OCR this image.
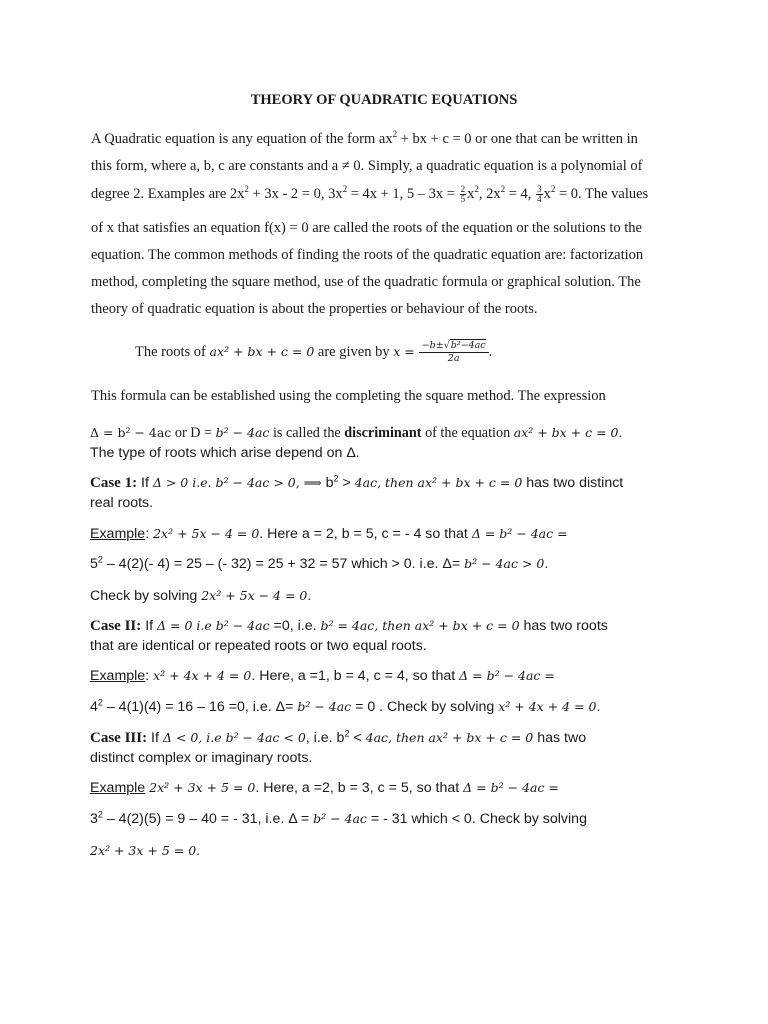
THEORY OF QUADRATIC EQUATIONS
A Quadratic equation is any equation of the form $ax^2$ + bx + c = 0 or one that can be written in
this form, where a, b, c are constants and a ≠ 0. Simply, a quadratic equation is a polynomial of
degree 2. Examples are $2x^2 + 3x - 2 = 0$, $3x^2 = 4x + 1$, $5 - 3x = \frac{2}{5} x^2$, $2x^2 = 4$, $\frac{3}{4} x^2 = 0$. The values
of x that satisfies an equation f(x) = 0 are called the roots of the equation or the solutions to the
equation. The common methods of finding the roots of the quadratic equation are: factorization
method, completing the square method, use of the quadratic formula or graphical solution. The
theory of quadratic equation is about the properties or behaviour of the roots.
The roots of ax² + bx + c = 0 are given by $x = \frac{\text{−b±√b²−4ac}}{2a}$ .
This formula can be established using the completing the square method. The expression
Δ = b² − 4ac or D = b² − 4ac is called the discriminant of the equation ax² + bx + c = 0.
The type of roots which arise depend on Δ.
Case 1: If Δ > 0 i.e. b² − 4ac > 0, ⟹ $b^2 > 4ac$, then ax² + bx + c = 0 has two distinct
real roots.
Example: 2x² + 5x − 4 = 0. Here a = 2, b = 5, c = - 4 so that Δ = b² − 4ac =
$5^2 - 4(2)(-$ 4) = 25 – (- 32) = 25 + 32 = 57 which > 0. i.e. Δ= b² − 4ac > 0.
Check by solving 2x² + 5x − 4 = 0.
Case II: If Δ = 0 i.e b² − 4ac =0, i.e. b² = 4ac, then ax² + bx + c = 0 has two roots
that are identical or repeated roots or two equal roots.
Example: x² + 4x + 4 = 0. Here, a =1, b = 4, c = 4, so that Δ = b² − 4ac =
$4^2 - 4(1)(4) = 16 - 16 =0$, i.e. Δ= b² − 4ac = 0 . Check by solving x² + 4x + 4 = 0.
Case III: If Δ < 0, i.e b² − 4ac < 0, i.e. $b^2 < 4ac$, then ax² + bx + c = 0 has two
distinct complex or imaginary roots.
Example 2x² + 3x + 5 = 0. Here, a =2, b = 3, c = 5, so that Δ = b² − 4ac =
$3^2 - 4(2)(5) = 9 - 40$ = - 31, i.e. Δ = b² − 4ac = - 31 which < 0. Check by solving
2x² + 3x + 5 = 0.
